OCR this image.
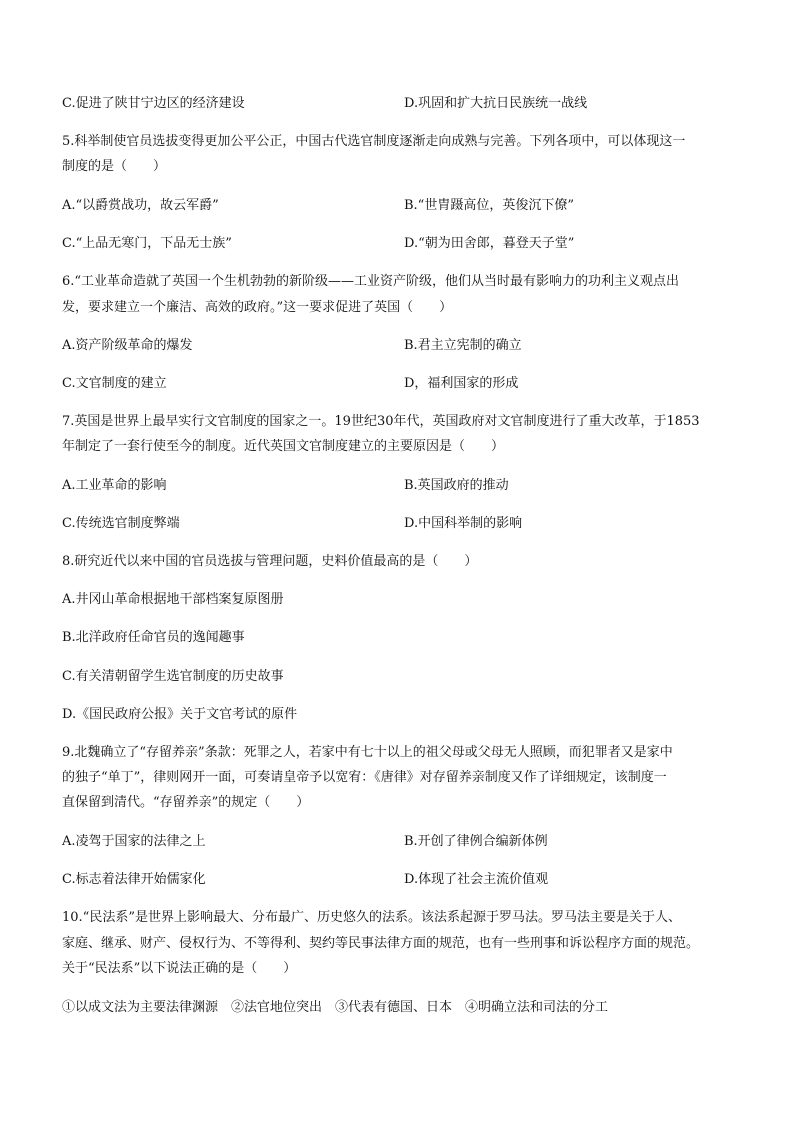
C.促进了陕甘宁边区的经济建设	D.巩固和扩大抗日民族统一战线
5.科举制使官员选拔变得更加公平公正，中国古代选官制度逐渐走向成熟与完善。下列各项中，可以体现这一
制度的是（　　）
A.“以爵赏战功，故云军爵”	B.“世胄蹑高位，英俊沉下僚”
C.“上品无寒门，下品无士族”	D.“朝为田舍郎，暮登天子堂”
6.“工业革命造就了英国一个生机勃勃的新阶级——工业资产阶级，他们从当时最有影响力的功利主义观点出
发，要求建立一个廉洁、高效的政府。”这一要求促进了英国（　　）
A.资产阶级革命的爆发	B.君主立宪制的确立
C.文官制度的建立	D，福利国家的形成
7.英国是世界上最早实行文官制度的国家之一。19世纪30年代，英国政府对文官制度进行了重大改革，于1853
年制定了一套行使至今的制度。近代英国文官制度建立的主要原因是（　　）
A.工业革命的影响	B.英国政府的推动
C.传统选官制度弊端	D.中国科举制的影响
8.研究近代以来中国的官员选拔与管理问题，史料价值最高的是（　　）
A.井冈山革命根据地干部档案复原图册
B.北洋政府任命官员的逸闻趣事
C.有关清朝留学生选官制度的历史故事
D.《国民政府公报》关于文官考试的原件
9.北魏确立了“存留养亲”条款：死罪之人，若家中有七十以上的祖父母或父母无人照顾，而犯罪者又是家中
的独子“单丁”，律则网开一面，可奏请皇帝予以宽宥：《唐律》对存留养亲制度又作了详细规定，该制度一
直保留到清代。“存留养亲”的规定（　　）
A.凌驾于国家的法律之上	B.开创了律例合编新体例
C.标志着法律开始儒家化	D.体现了社会主流价值观
10.“民法系”是世界上影响最大、分布最广、历史悠久的法系。该法系起源于罗马法。罗马法主要是关于人、
家庭、继承、财产、侵权行为、不等得利、契约等民事法律方面的规范，也有一些刑事和诉讼程序方面的规范。
关于“民法系”以下说法正确的是（　　）
①以成文法为主要法律渊源　②法官地位突出　③代表有德国、日本　④明确立法和司法的分工
